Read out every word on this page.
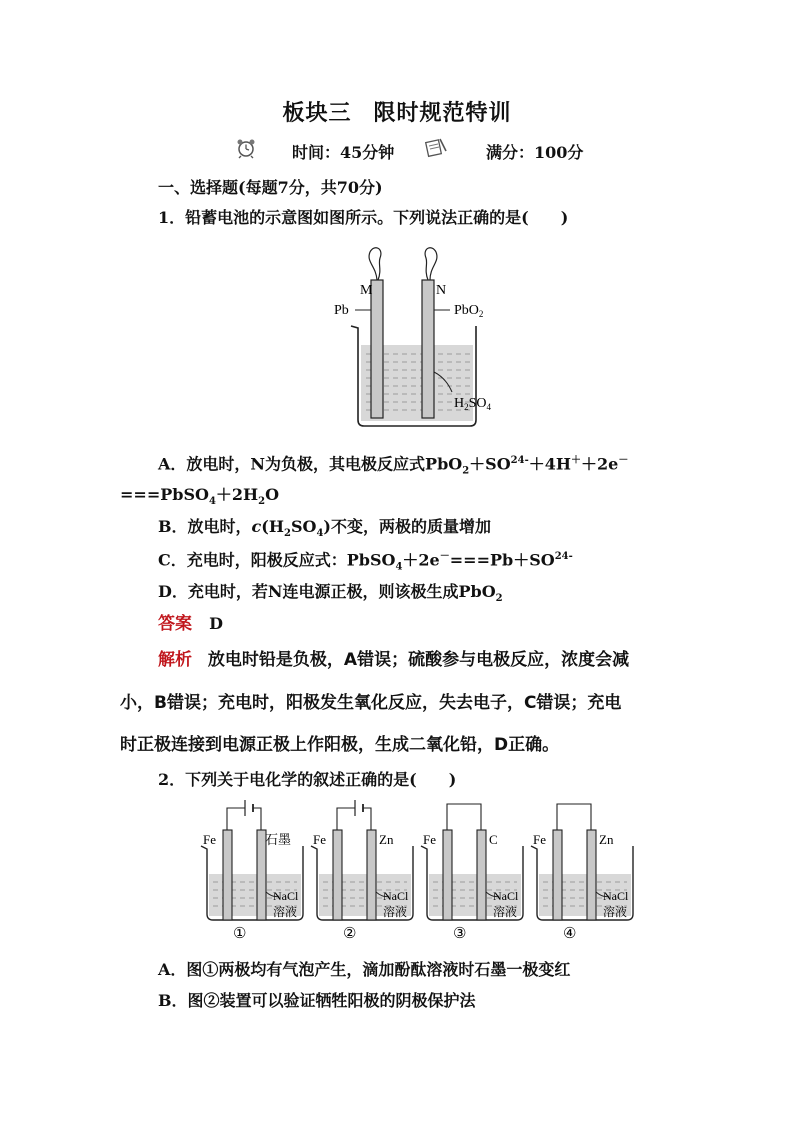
板块三 限时规范特训
时间：45分钟	满分：100分
一、选择题(每题7分，共70分)
1．铅蓄电池的示意图如图所示。下列说法正确的是(　　)
M	N
Pb	PbO$_2$
$H_2SO_4$
A．放电时，N为负极，其电极反应式$PbO_2+SO^{24-}+4H^++2e^-$
$===PbSO_4+2H_2O$
B．放电时，$c(H_2SO_4)$不变，两极的质量增加
C．充电时，阳极反应式：$PbSO_4+2e^-===Pb+SO^{24-}$
D．充电时，若N连电源正极，则该极生成PbO$_2$
答案 D
解析 放电时铅是负极，A错误；硫酸参与电极反应，浓度会减
小，B错误；充电时，阳极发生氧化反应，失去电子，C错误；充电
时正极连接到电源正极上作阳极，生成二氧化铅，D正确。
2．下列关于电化学的叙述正确的是(　　)
Fe	石墨
NaCl
溶液
①
Fe	Zn
NaCl
溶液
②
Fe	C
NaCl
溶液
③
Fe	Zn
NaCl
溶液
④
A．图①两极均有气泡产生，滴加酚酞溶液时石墨一极变红
B．图②装置可以验证牺牲阳极的阴极保护法
